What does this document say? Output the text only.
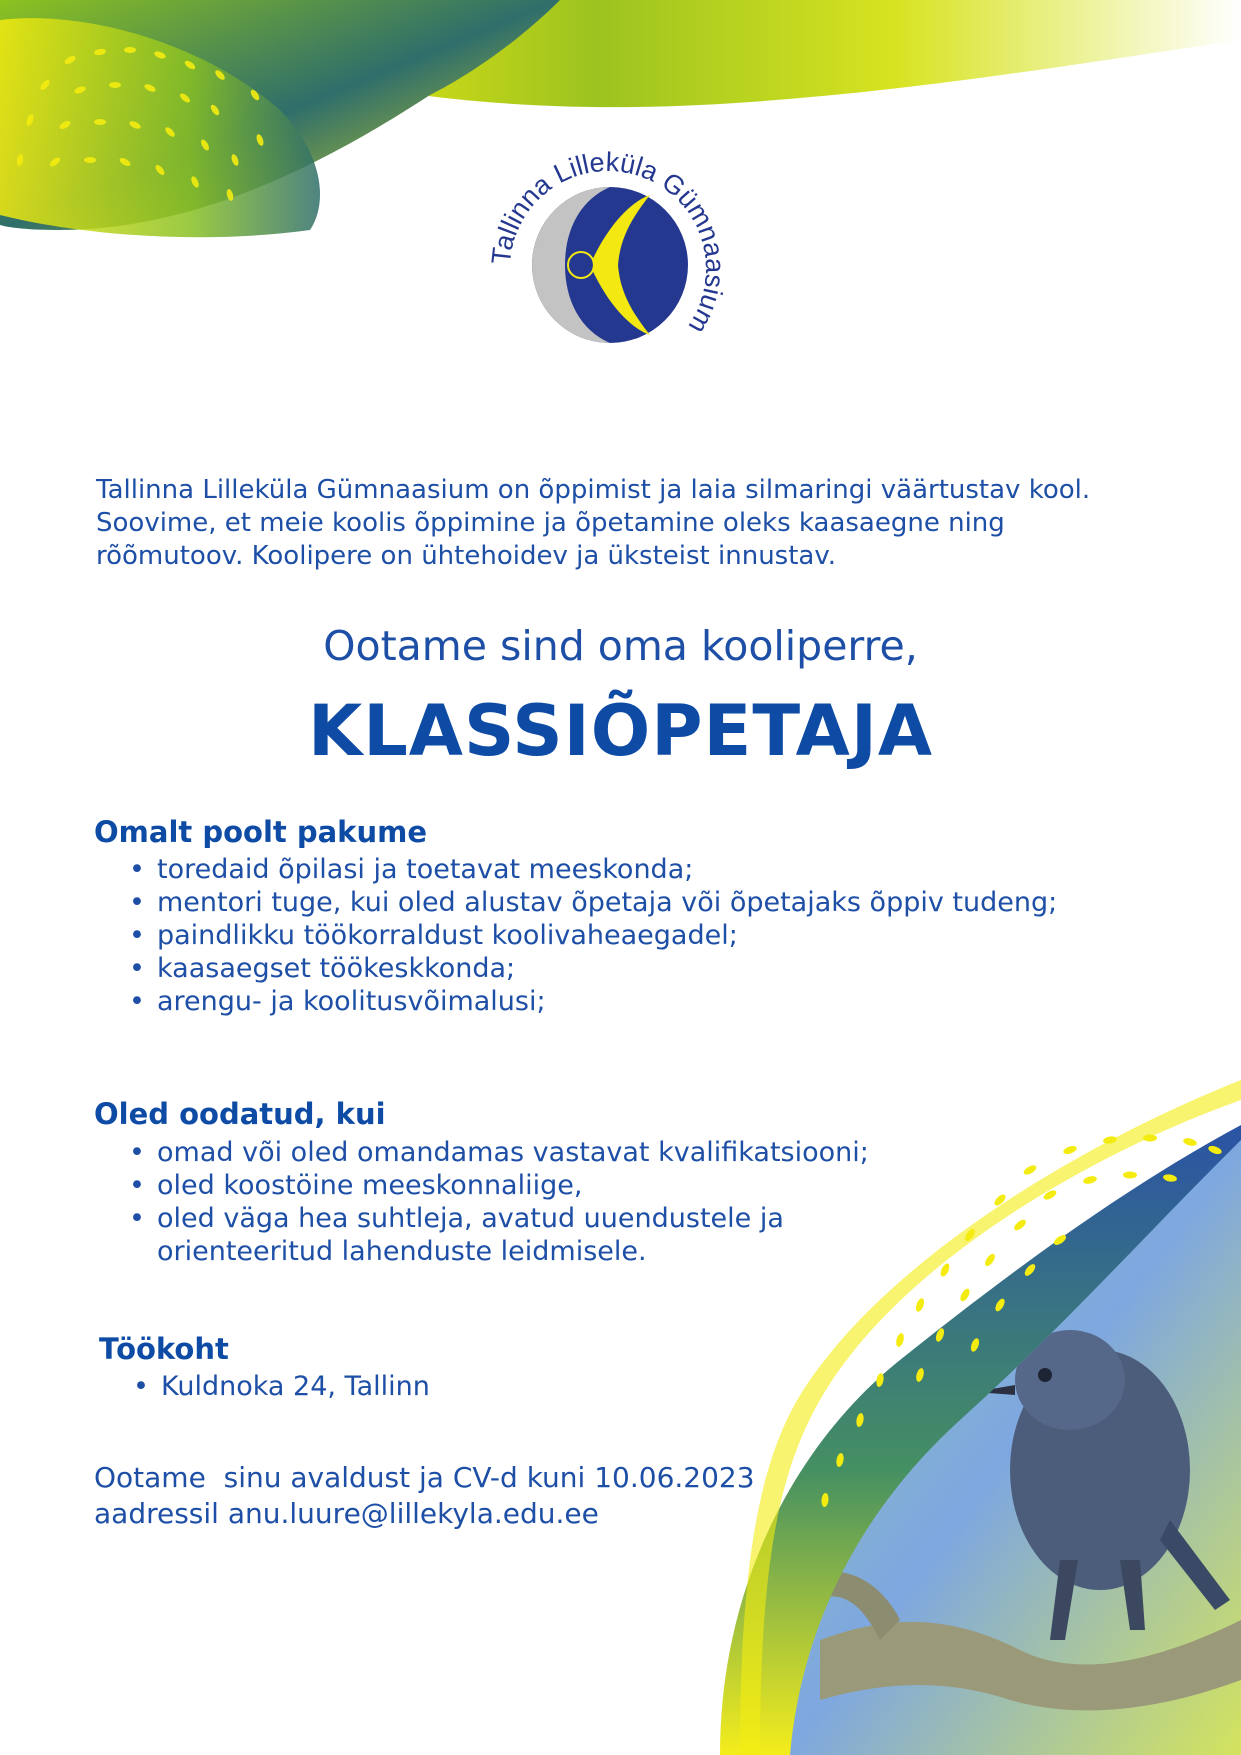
Tallinna Lilleküla Gümnaasium

Tallinna Lilleküla Gümnaasium on õppimist ja laia silmaringi väärtustav kool.

Soovime, et meie koolis õppimine ja õpetamine oleks kaasaegne ning

rõõmutoov. Koolipere on ühtehoidev ja üksteist innustav.

Ootame sind oma kooliperre,
KLASSIÕPETAJA
Omalt poolt pakume
• toredaid õpilasi ja toetavat meeskonda;
• mentori tuge, kui oled alustav õpetaja või õpetajaks õppiv tudeng;
• paindlikku töökorraldust koolivaheaegadel;
• kaasaegset töökeskkonda;
• arengu- ja koolitusvõimalusi;
Oled oodatud, kui
• omad või oled omandamas vastavat kvalifikatsiooni;
• oled koostöine meeskonnaliige,
• oled väga hea suhtleja, avatud uuendustele ja orienteeritud lahenduste leidmisele.
Töökoht
• Kuldnoka 24, Tallinn
Ootame  sinu avaldust ja CV-d kuni 10.06.2023
aadressil anu.luure@lillekyla.edu.ee
